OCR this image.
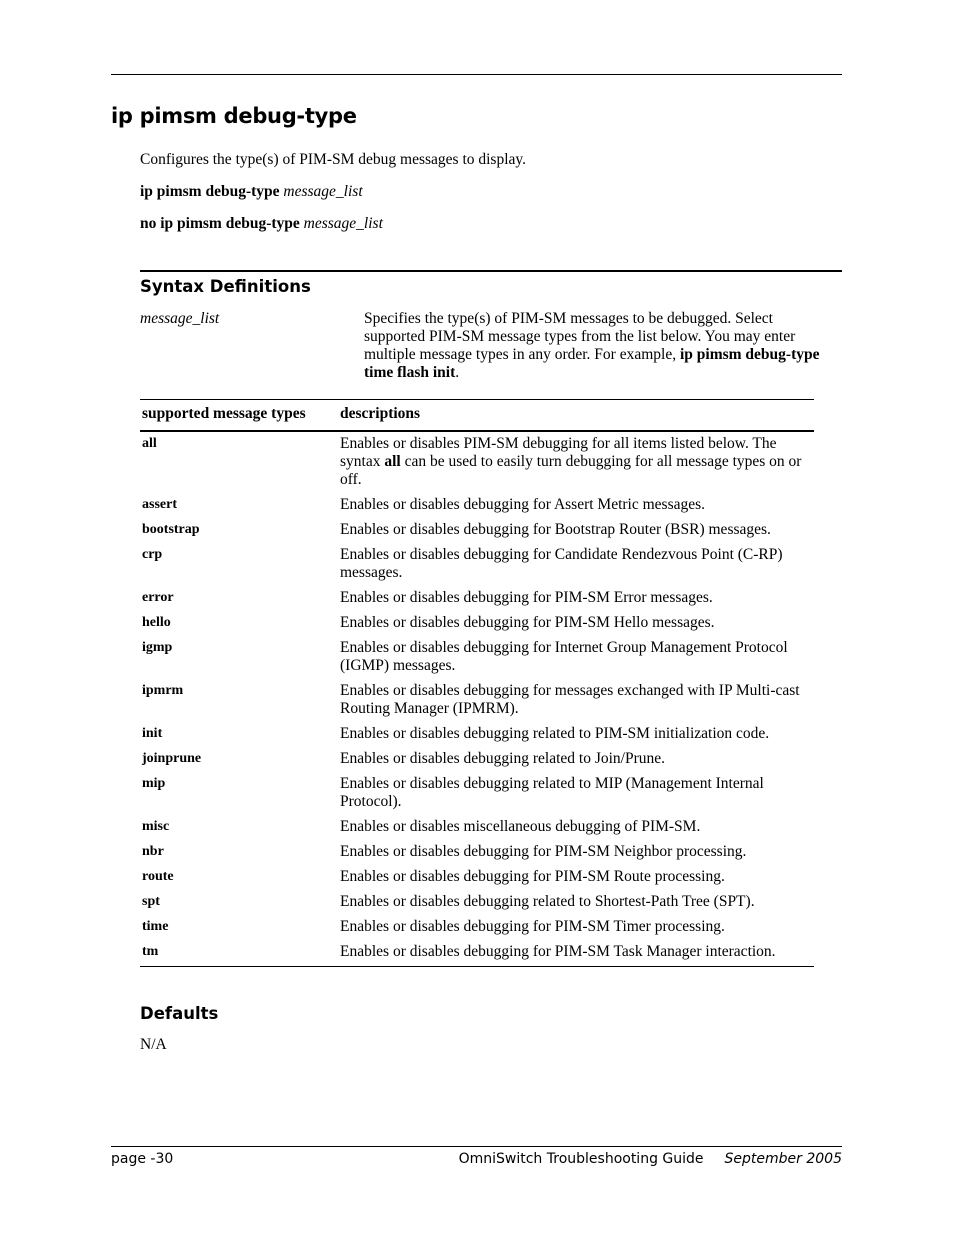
ip pimsm debug-type
Configures the type(s) of PIM-SM debug messages to display.
ip pimsm debug-type message_list
no ip pimsm debug-type message_list
Syntax Definitions
message_list	Specifies the type(s) of PIM-SM messages to be debugged. Select supported PIM-SM message types from the list below. You may enter multiple message types in any order. For example, ip pimsm debug-type time flash init.
supported message types	descriptions
all	Enables or disables PIM-SM debugging for all items listed below. The syntax all can be used to easily turn debugging for all message types on or off.
assert	Enables or disables debugging for Assert Metric messages.
bootstrap	Enables or disables debugging for Bootstrap Router (BSR) messages.
crp	Enables or disables debugging for Candidate Rendezvous Point (C-RP) messages.
error	Enables or disables debugging for PIM-SM Error messages.
hello	Enables or disables debugging for PIM-SM Hello messages.
igmp	Enables or disables debugging for Internet Group Management Protocol (IGMP) messages.
ipmrm	Enables or disables debugging for messages exchanged with IP Multi-cast Routing Manager (IPMRM).
init	Enables or disables debugging related to PIM-SM initialization code.
joinprune	Enables or disables debugging related to Join/Prune.
mip	Enables or disables debugging related to MIP (Management Internal Protocol).
misc	Enables or disables miscellaneous debugging of PIM-SM.
nbr	Enables or disables debugging for PIM-SM Neighbor processing.
route	Enables or disables debugging for PIM-SM Route processing.
spt	Enables or disables debugging related to Shortest-Path Tree (SPT).
time	Enables or disables debugging for PIM-SM Timer processing.
tm	Enables or disables debugging for PIM-SM Task Manager interaction.
Defaults
N/A
page -30	OmniSwitch Troubleshooting Guide September 2005
